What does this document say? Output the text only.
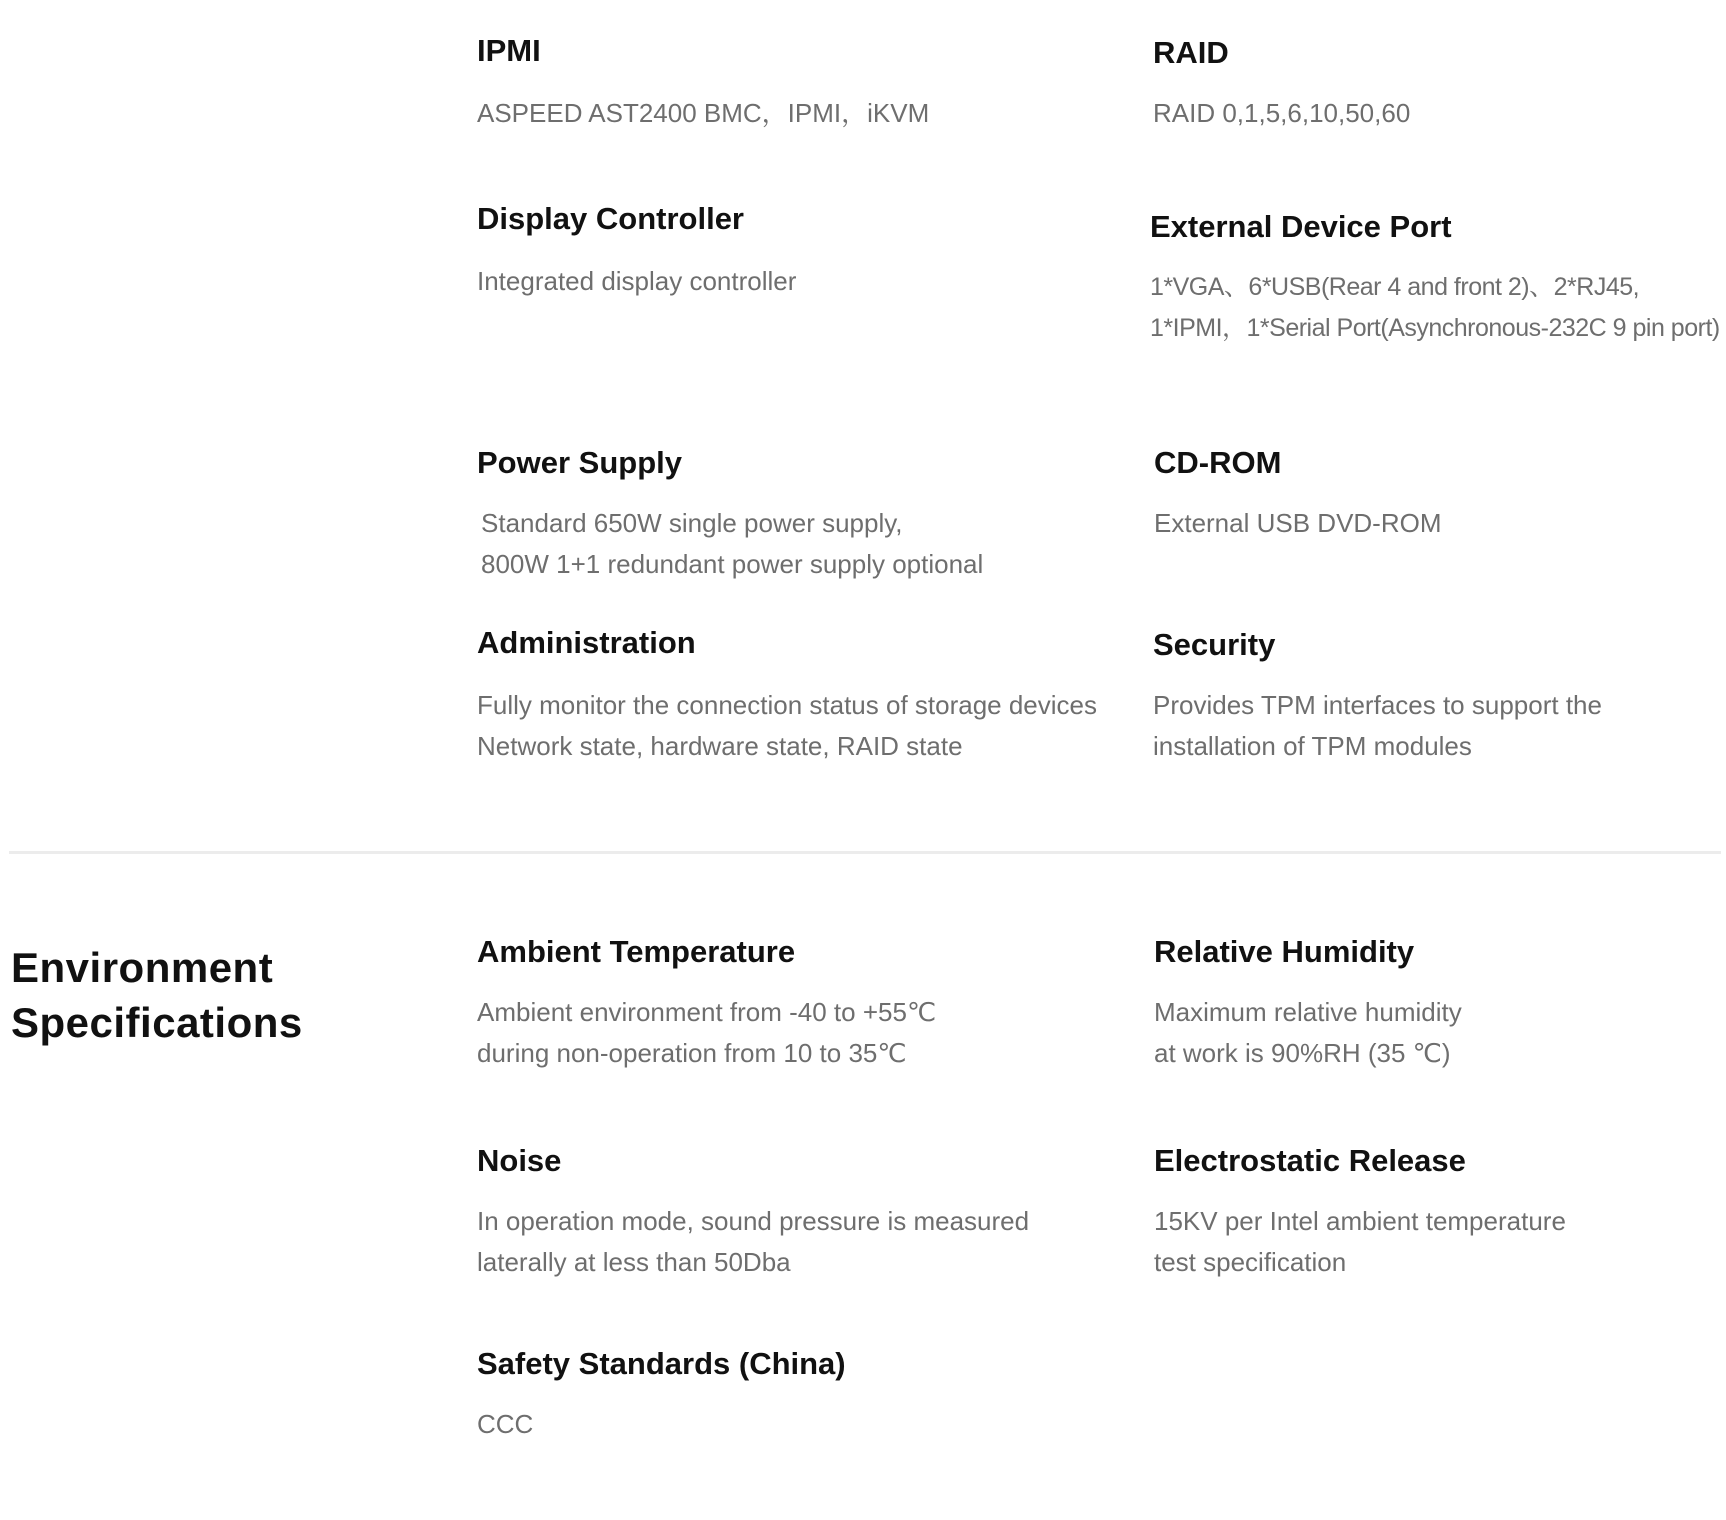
IPMI

ASPEED AST2400 BMC，IPMI，iKVM

RAID

RAID 0,1,5,6,10,50,60

Display Controller

Integrated display controller

External Device Port

1*VGA、6*USB(Rear 4 and front 2)、2*RJ45,
1*IPMI，1*Serial Port(Asynchronous-232C 9 pin port)

Power Supply

Standard 650W single power supply,
800W 1+1 redundant power supply optional

CD-ROM

External USB DVD-ROM

Administration

Fully monitor the connection status of storage devices
Network state, hardware state, RAID state

Security

Provides TPM interfaces to support the
installation of TPM modules

Environment
Specifications
Ambient Temperature

Ambient environment from -40 to +55℃
during non-operation from 10 to 35℃

Relative Humidity

Maximum relative humidity
at work is 90%RH (35 ℃)

Noise

In operation mode, sound pressure is measured
laterally at less than 50Dba

Electrostatic Release

15KV per Intel ambient temperature
test specification

Safety Standards (China)

CCC
